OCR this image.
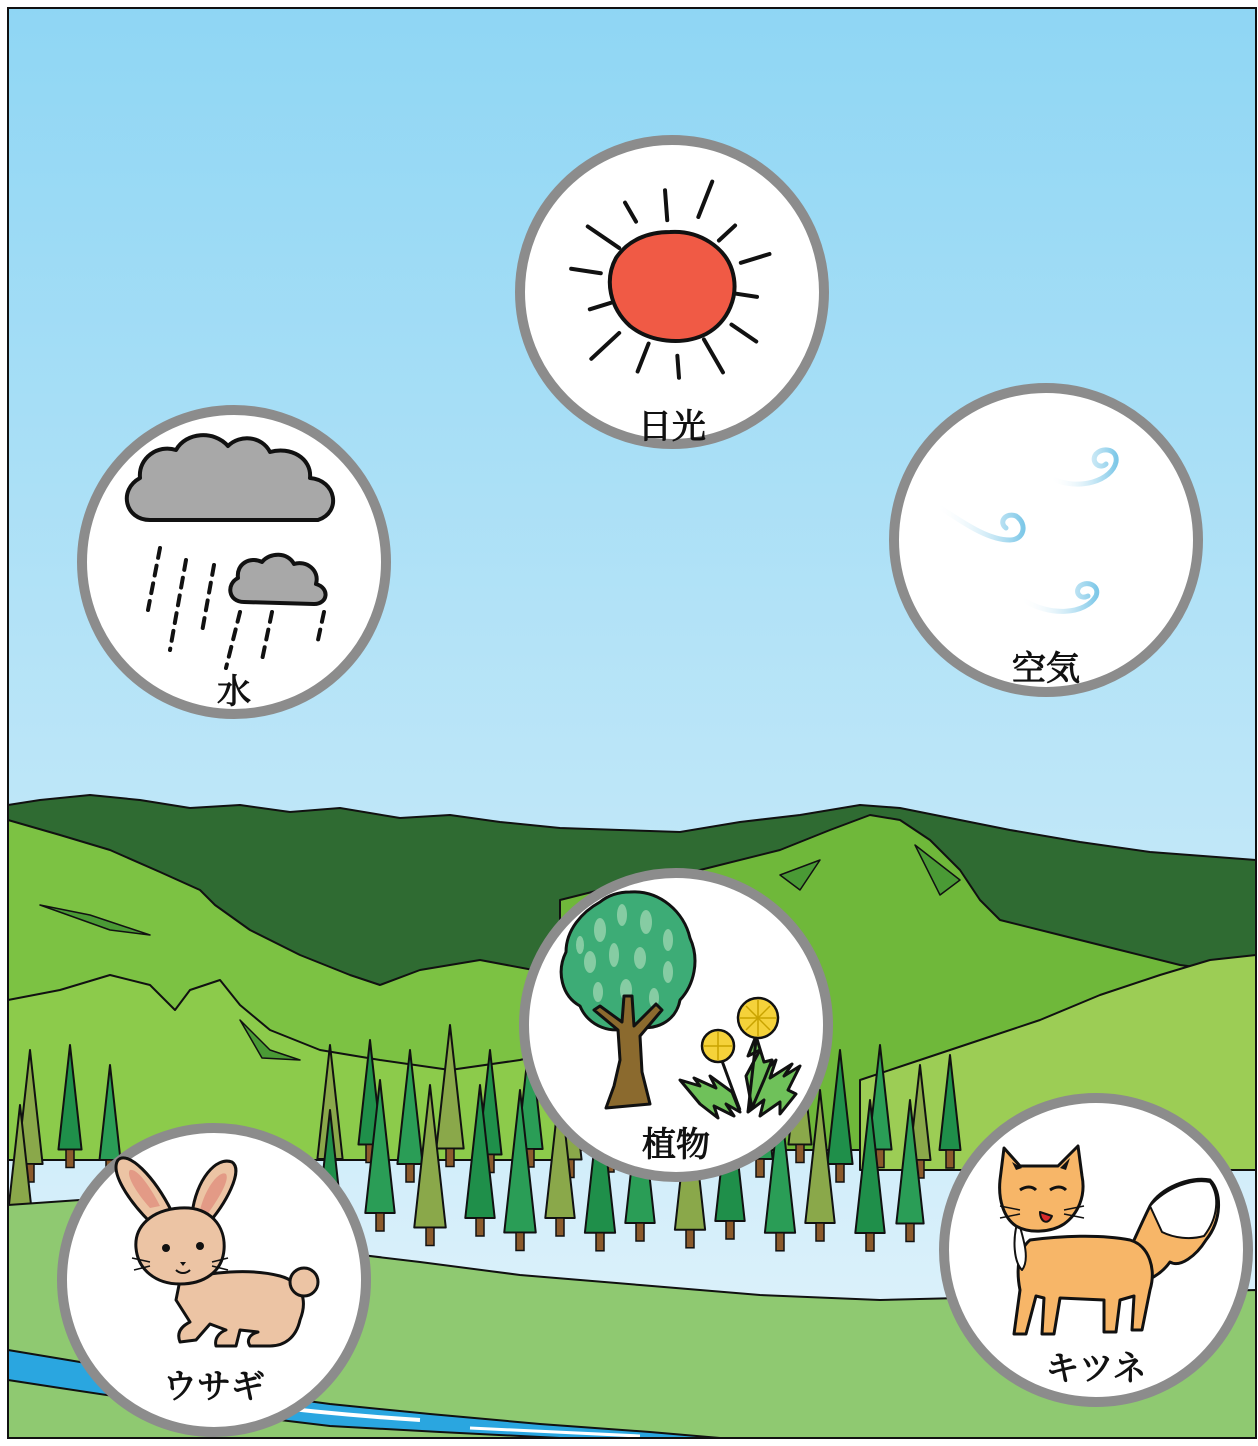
日光
水
空気
植物
ウサギ	キツネ
